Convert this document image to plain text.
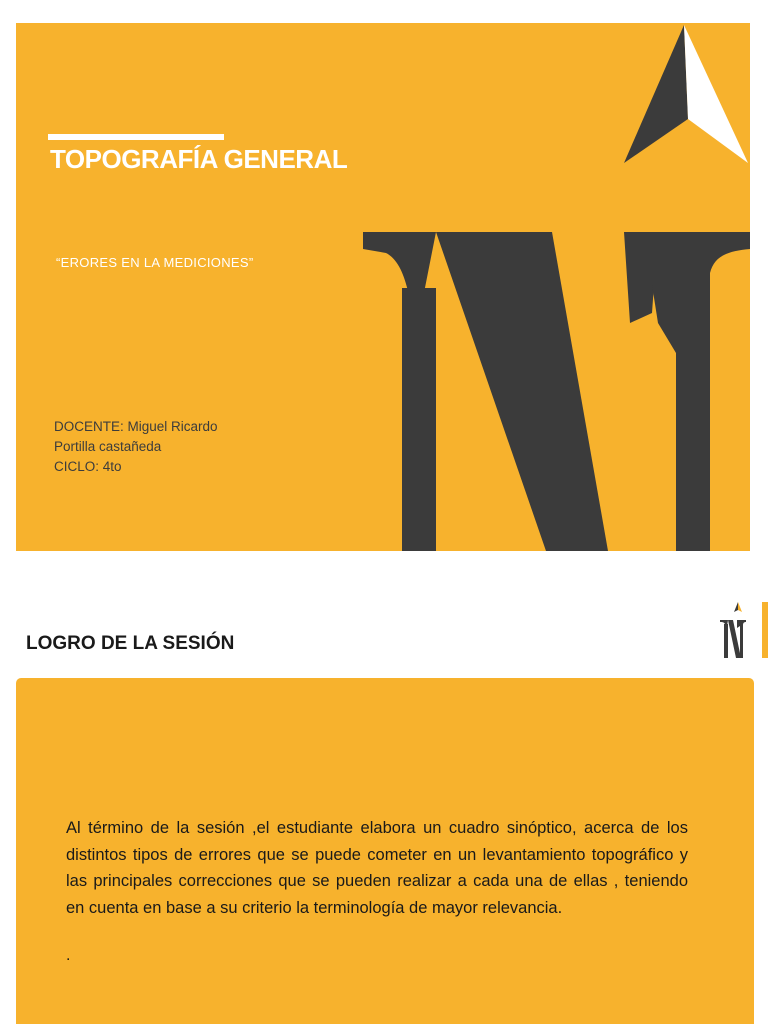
TOPOGRAFÍA GENERAL
“ERORES EN LA MEDICIONES”
DOCENTE: Miguel Ricardo
Portilla castañeda
CICLO: 4to
LOGRO DE LA SESIÓN
Al término de la sesión ,el estudiante elabora un cuadro sinóptico, acerca de los distintos tipos de errores que se puede cometer en un levantamiento topográfico y las principales correcciones que se pueden realizar a cada una de ellas , teniendo en cuenta en base a su criterio la terminología de mayor relevancia.
.
